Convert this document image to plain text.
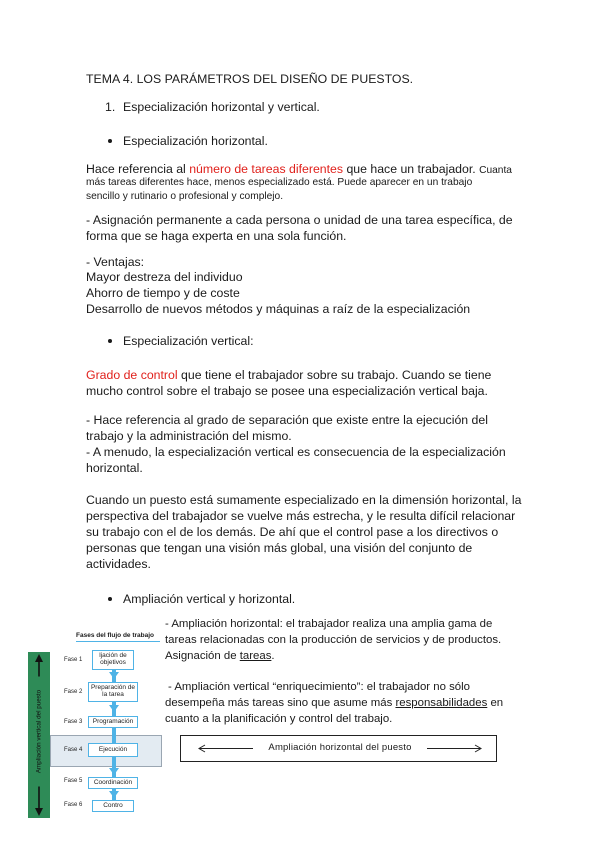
TEMA 4. LOS PARÁMETROS DEL DISEÑO DE PUESTOS.
1. Especialización horizontal y vertical.
Especialización horizontal.
Hace referencia al número de tareas diferentes que hace un trabajador. Cuanta
más tareas diferentes hace, menos especializado está. Puede aparecer en un trabajo
sencillo y rutinario o profesional y complejo.
- Asignación permanente a cada persona o unidad de una tarea específica, de
forma que se haga experta en una sola función.
- Ventajas:
Mayor destreza del individuo
Ahorro de tiempo y de coste
Desarrollo de nuevos métodos y máquinas a raíz de la especialización
Especialización vertical:
Grado de control que tiene el trabajador sobre su trabajo. Cuando se tiene
mucho control sobre el trabajo se posee una especialización vertical baja.
- Hace referencia al grado de separación que existe entre la ejecución del
trabajo y la administración del mismo.
- A menudo, la especialización vertical es consecuencia de la especialización
horizontal.
Cuando un puesto está sumamente especializado en la dimensión horizontal, la
perspectiva del trabajador se vuelve más estrecha, y le resulta difícil relacionar
su trabajo con el de los demás. De ahí que el control pase a los directivos o
personas que tengan una visión más global, una visión del conjunto de
actividades.
Ampliación vertical y horizontal.
- Ampliación horizontal: el trabajador realiza una amplia gama de
tareas relacionadas con la producción de servicios y de productos.
Asignación de tareas.
- Ampliación vertical “enriquecimiento”: el trabajador no sólo
desempeña más tareas sino que asume más responsabilidades en
cuanto a la planificación y control del trabajo.
Ampliación horizontal del puesto
Fases del flujo de trabajo
Ampliación vertical del puesto
Fase 1
ljación de objetivos
Fase 2
Preparación de la tarea
Fase 3	Programación
Fase 4	Ejecución
Fase 5	Coordinación
Fase 6	Contro
